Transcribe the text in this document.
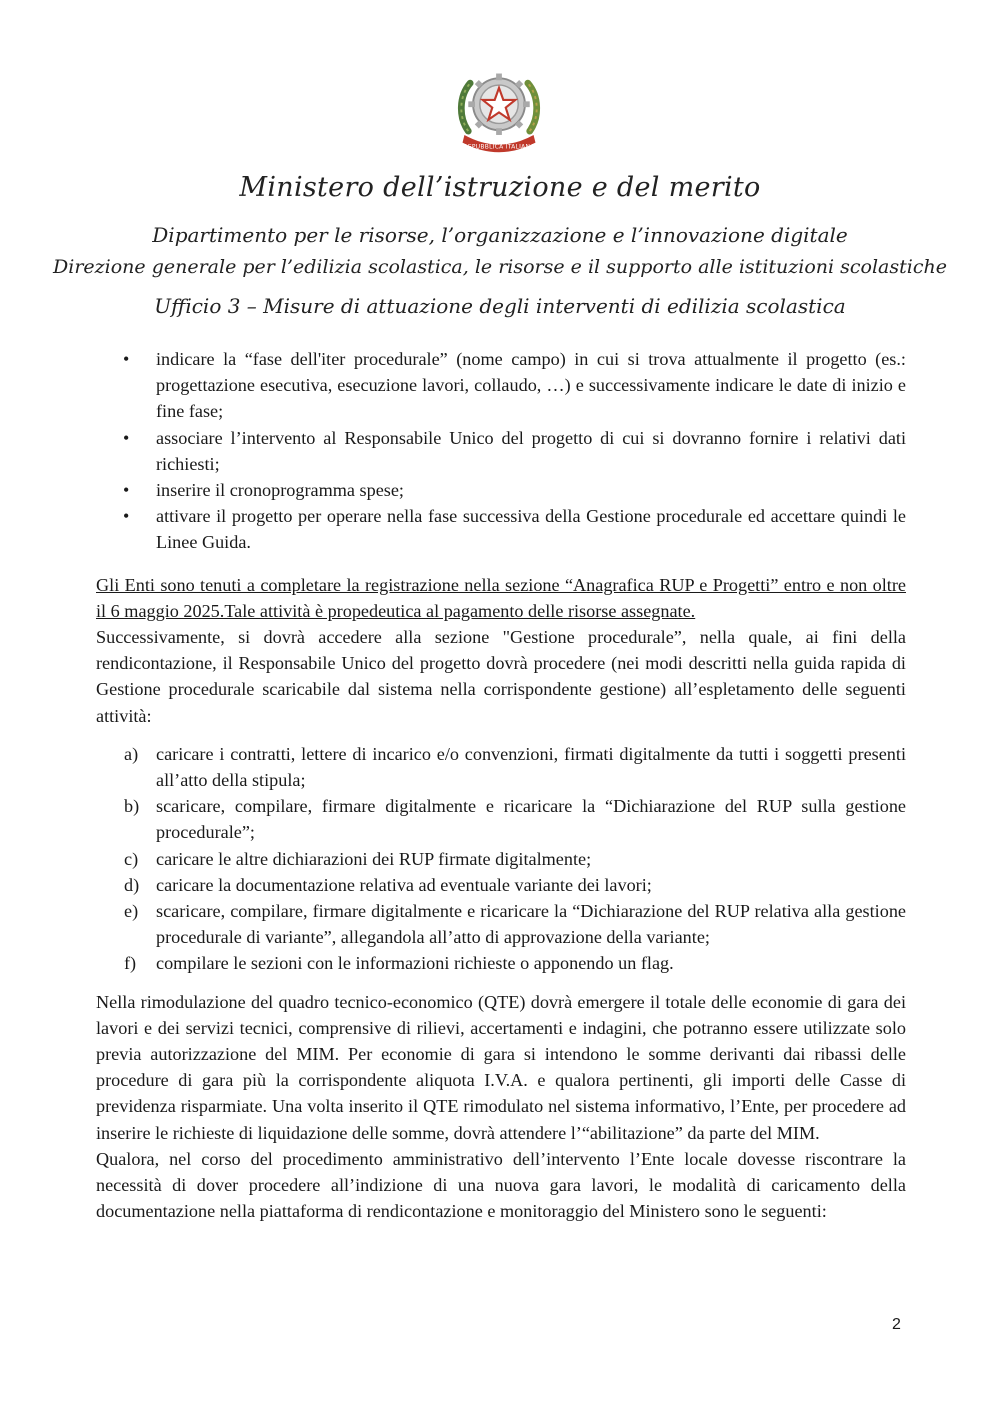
REPUBBLICA ITALIANA
Ministero dell’istruzione e del merito
Dipartimento per le risorse, l’organizzazione e l’innovazione digitale
Direzione generale per l’edilizia scolastica, le risorse e il supporto alle istituzioni scolastiche
Ufficio 3 – Misure di attuazione degli interventi di edilizia scolastica
• indicare la “fase dell'iter procedurale” (nome campo) in cui si trova attualmente il progetto (es.: progettazione esecutiva, esecuzione lavori, collaudo, …) e successivamente indicare le date di inizio e fine fase;
• associare l’intervento al Responsabile Unico del progetto di cui si dovranno fornire i relativi dati richiesti;
• inserire il cronoprogramma spese;
• attivare il progetto per operare nella fase successiva della Gestione procedurale ed accettare quindi le Linee Guida.

Gli Enti sono tenuti a completare la registrazione nella sezione “Anagrafica RUP e Progetti” entro e non oltre il 6 maggio 2025.Tale attività è propedeutica al pagamento delle risorse assegnate.

Successivamente, si dovrà accedere alla sezione "Gestione procedurale”, nella quale, ai fini della rendicontazione, il Responsabile Unico del progetto dovrà procedere (nei modi descritti nella guida rapida di Gestione procedurale scaricabile dal sistema nella corrispondente gestione) all’espletamento delle seguenti attività:

a) caricare i contratti, lettere di incarico e/o convenzioni, firmati digitalmente da tutti i soggetti presenti all’atto della stipula;
b) scaricare, compilare, firmare digitalmente e ricaricare la “Dichiarazione del RUP sulla gestione procedurale”;
c) caricare le altre dichiarazioni dei RUP firmate digitalmente;
d) caricare la documentazione relativa ad eventuale variante dei lavori;
e) scaricare, compilare, firmare digitalmente e ricaricare la “Dichiarazione del RUP relativa alla gestione procedurale di variante”, allegandola all’atto di approvazione della variante;
f) compilare le sezioni con le informazioni richieste o apponendo un flag.

Nella rimodulazione del quadro tecnico-economico (QTE) dovrà emergere il totale delle economie di gara dei lavori e dei servizi tecnici, comprensive di rilievi, accertamenti e indagini, che potranno essere utilizzate solo previa autorizzazione del MIM. Per economie di gara si intendono le somme derivanti dai ribassi delle procedure di gara più la corrispondente aliquota I.V.A. e qualora pertinenti, gli importi delle Casse di previdenza risparmiate. Una volta inserito il QTE rimodulato nel sistema informativo, l’Ente, per procedere ad inserire le richieste di liquidazione delle somme, dovrà attendere l’“abilitazione” da parte del MIM.

Qualora, nel corso del procedimento amministrativo dell’intervento l’Ente locale dovesse riscontrare la necessità di dover procedere all’indizione di una nuova gara lavori, le modalità di caricamento della documentazione nella piattaforma di rendicontazione e monitoraggio del Ministero sono le seguenti:

2
